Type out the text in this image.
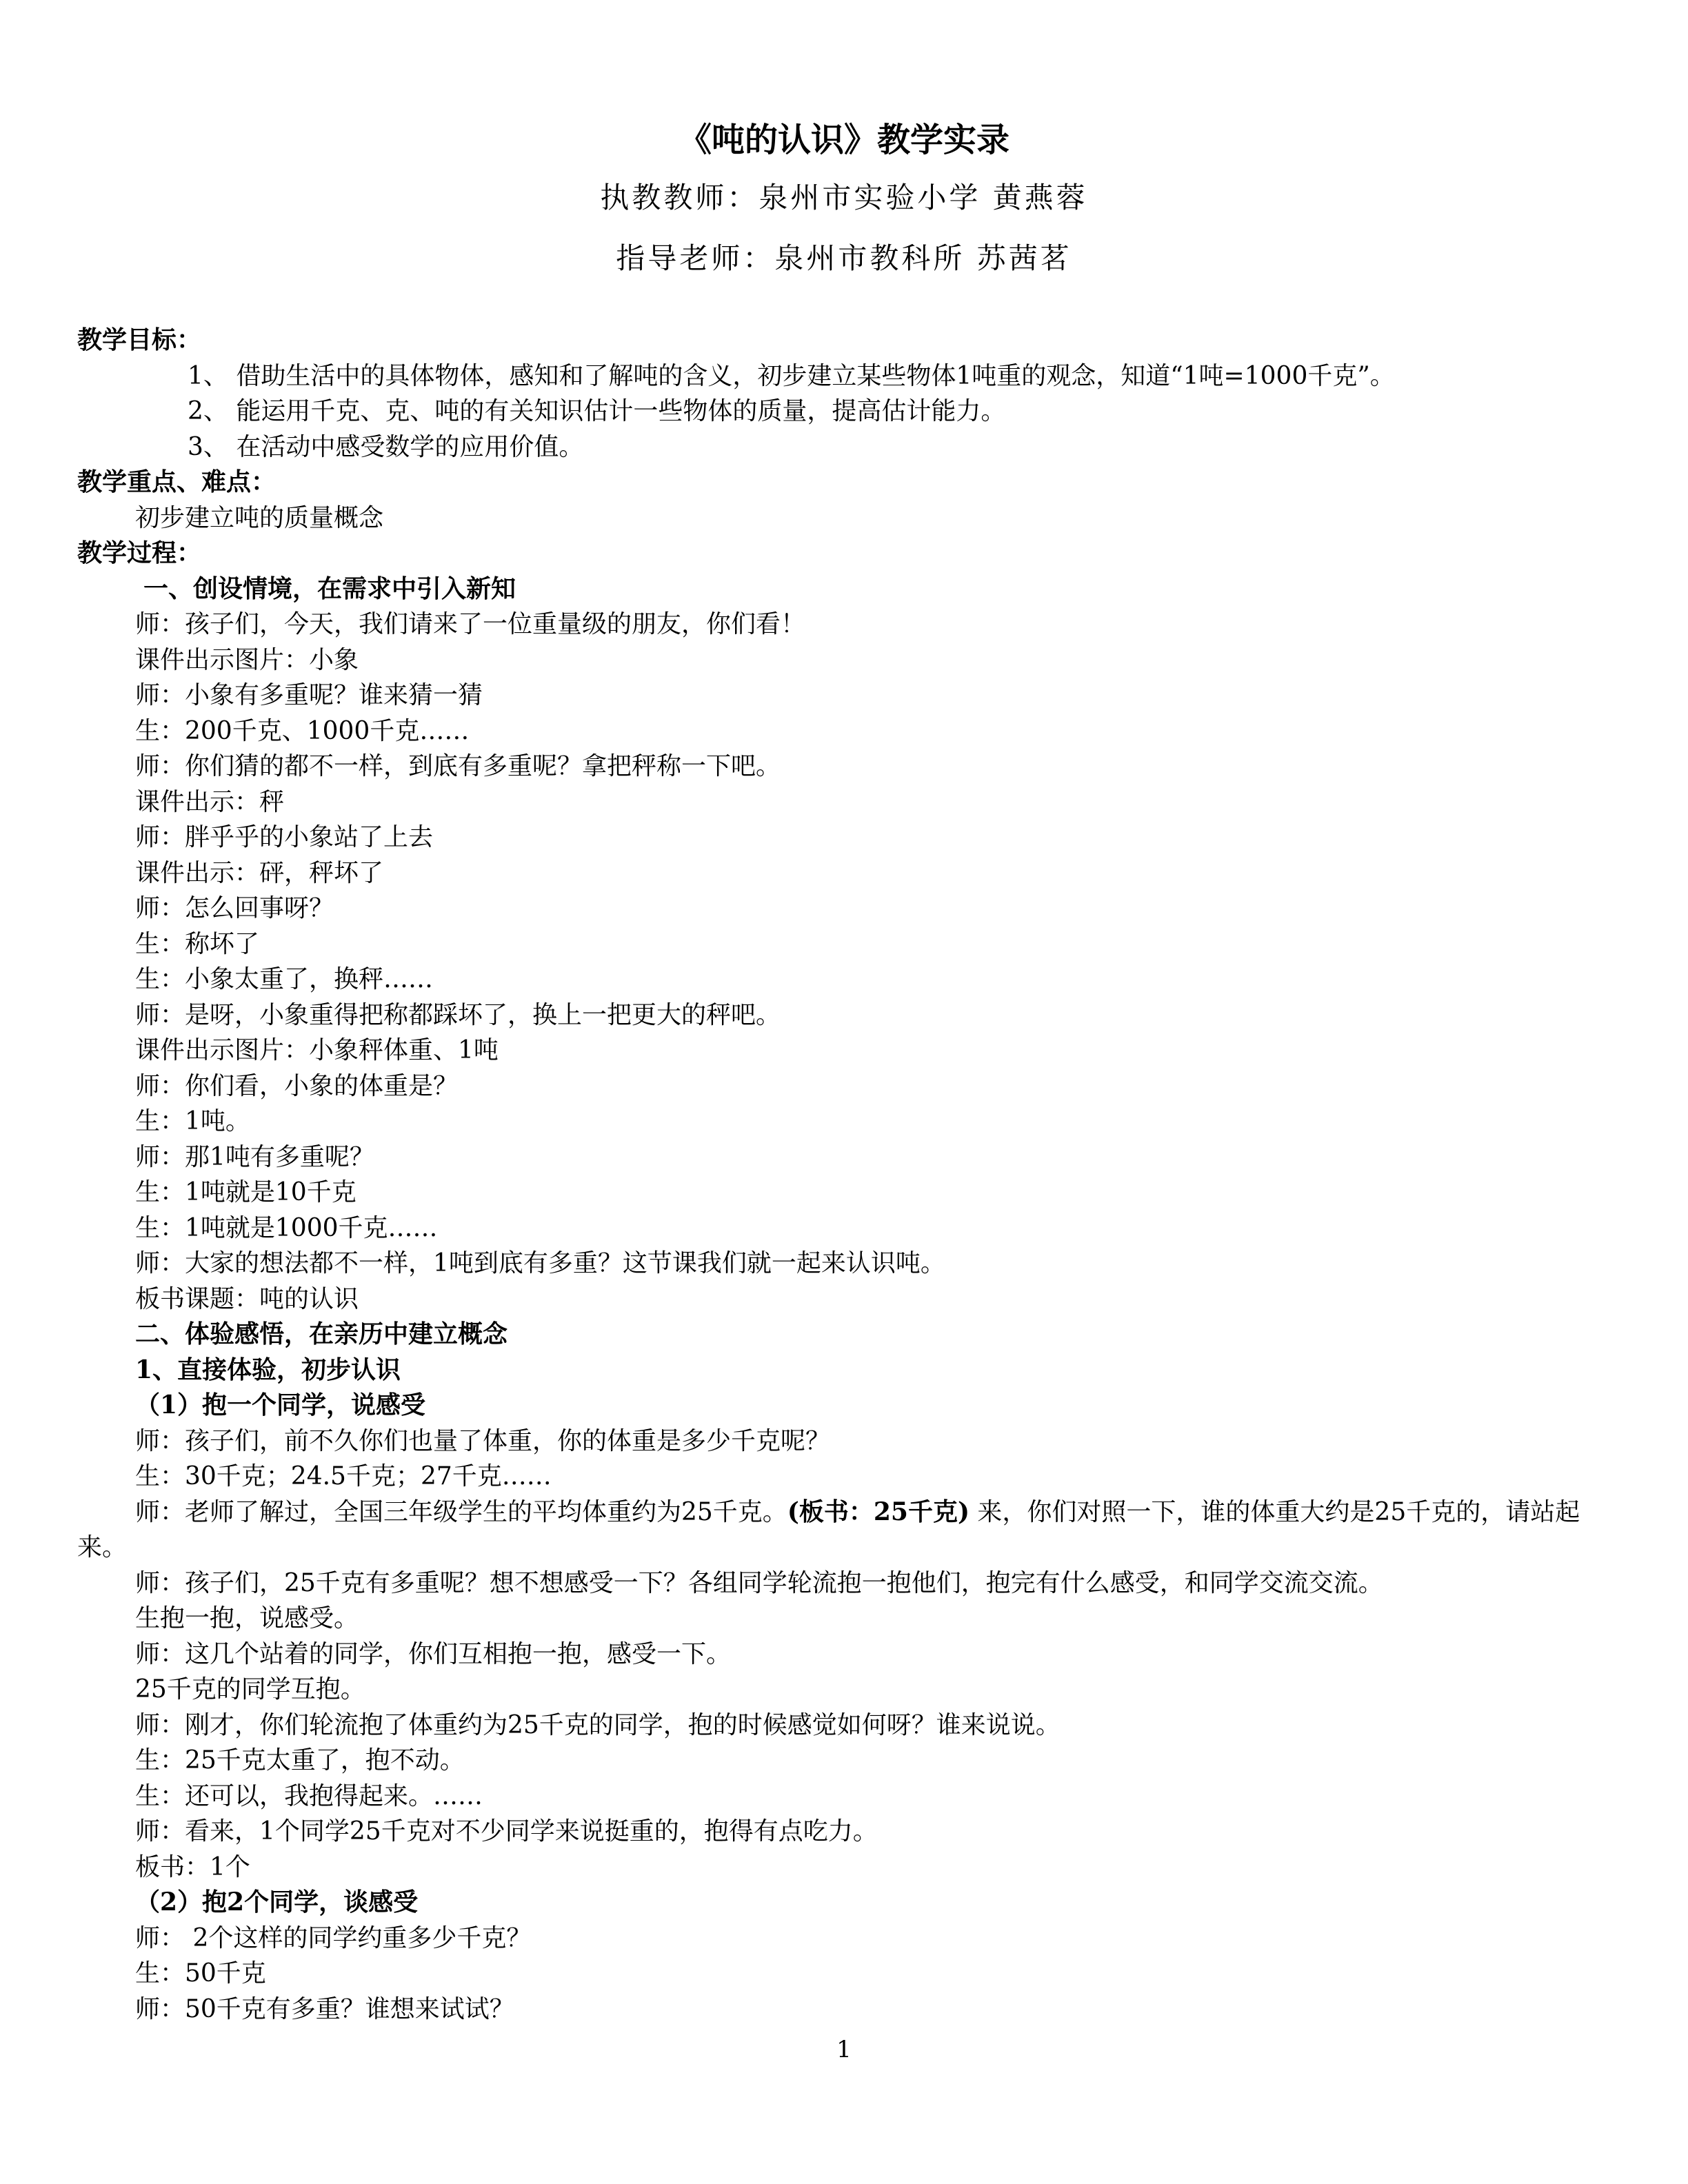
《吨的认识》教学实录
执教教师：泉州市实验小学 黄燕蓉
指导老师：泉州市教科所 苏茜茗
教学目标：
1、 借助生活中的具体物体，感知和了解吨的含义，初步建立某些物体1吨重的观念，知道“1吨=1000千克”。
2、 能运用千克、克、吨的有关知识估计一些物体的质量，提高估计能力。
3、 在活动中感受数学的应用价值。
教学重点、难点：
初步建立吨的质量概念
教学过程：
一、创设情境，在需求中引入新知
师：孩子们，今天，我们请来了一位重量级的朋友，你们看！
课件出示图片：小象
师：小象有多重呢？谁来猜一猜
生：200千克、1000千克……
师：你们猜的都不一样，到底有多重呢？拿把秤称一下吧。
课件出示：秤
师：胖乎乎的小象站了上去
课件出示：砰，秤坏了
师：怎么回事呀？
生：称坏了
生：小象太重了，换秤……
师：是呀，小象重得把称都踩坏了，换上一把更大的秤吧。
课件出示图片：小象秤体重、1吨
师：你们看，小象的体重是？
生：1吨。
师：那1吨有多重呢？
生：1吨就是10千克
生：1吨就是1000千克……
师：大家的想法都不一样，1吨到底有多重？这节课我们就一起来认识吨。
板书课题：吨的认识
二、体验感悟，在亲历中建立概念
1、直接体验，初步认识
（1）抱一个同学，说感受
师：孩子们，前不久你们也量了体重，你的体重是多少千克呢？
生：30千克；24.5千克；27千克……
师：老师了解过，全国三年级学生的平均体重约为25千克。(板书：25千克) 来，你们对照一下，谁的体重大约是25千克的，请站起来。
师：孩子们，25千克有多重呢？想不想感受一下？各组同学轮流抱一抱他们，抱完有什么感受，和同学交流交流。
生抱一抱，说感受。
师：这几个站着的同学，你们互相抱一抱，感受一下。
25千克的同学互抱。
师：刚才，你们轮流抱了体重约为25千克的同学，抱的时候感觉如何呀？谁来说说。
生：25千克太重了，抱不动。
生：还可以，我抱得起来。……
师：看来，1个同学25千克对不少同学来说挺重的，抱得有点吃力。
板书：1个
（2）抱2个同学，谈感受
师： 2个这样的同学约重多少千克？
生：50千克
师：50千克有多重？谁想来试试？
1
